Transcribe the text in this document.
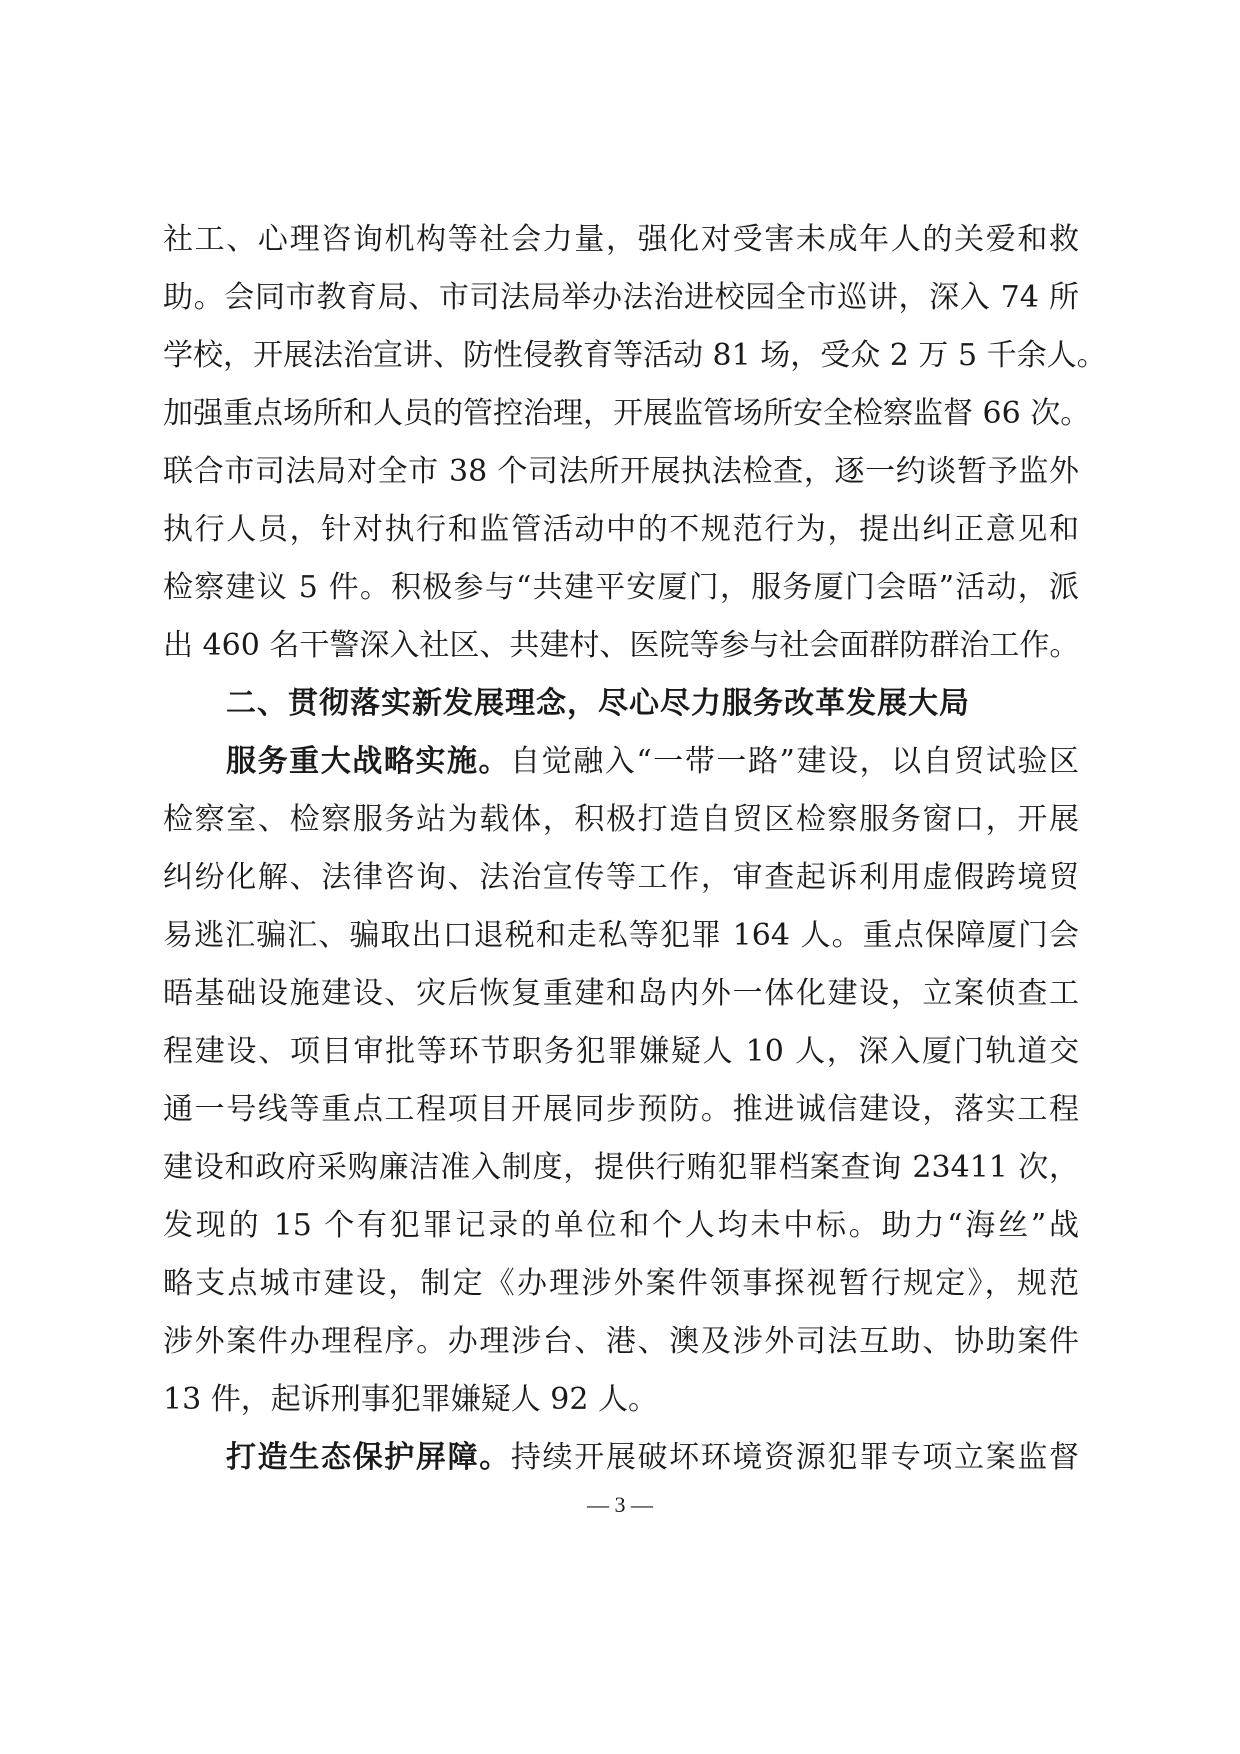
社工、心理咨询机构等社会力量，强化对受害未成年人的关爱和救
助。会同市教育局、市司法局举办法治进校园全市巡讲，深入 74 所
学校，开展法治宣讲、防性侵教育等活动 81 场，受众 2 万 5 千余人。
加强重点场所和人员的管控治理，开展监管场所安全检察监督 66 次。
联合市司法局对全市 38 个司法所开展执法检查，逐一约谈暂予监外
执行人员，针对执行和监管活动中的不规范行为，提出纠正意见和
检察建议 5 件。积极参与“共建平安厦门，服务厦门会晤”活动，派
出 460 名干警深入社区、共建村、医院等参与社会面群防群治工作。
二、贯彻落实新发展理念，尽心尽力服务改革发展大局
服务重大战略实施。自觉融入“一带一路”建设，以自贸试验区
检察室、检察服务站为载体，积极打造自贸区检察服务窗口，开展
纠纷化解、法律咨询、法治宣传等工作，审查起诉利用虚假跨境贸
易逃汇骗汇、骗取出口退税和走私等犯罪 164 人。重点保障厦门会
晤基础设施建设、灾后恢复重建和岛内外一体化建设，立案侦查工
程建设、项目审批等环节职务犯罪嫌疑人 10 人，深入厦门轨道交
通一号线等重点工程项目开展同步预防。推进诚信建设，落实工程
建设和政府采购廉洁准入制度，提供行贿犯罪档案查询 23411 次，
发现的 15 个有犯罪记录的单位和个人均未中标。助力“海丝”战
略支点城市建设，制定《办理涉外案件领事探视暂行规定》，规范
涉外案件办理程序。办理涉台、港、澳及涉外司法互助、协助案件
13 件，起诉刑事犯罪嫌疑人 92 人。
打造生态保护屏障。持续开展破坏环境资源犯罪专项立案监督
— 3 —
